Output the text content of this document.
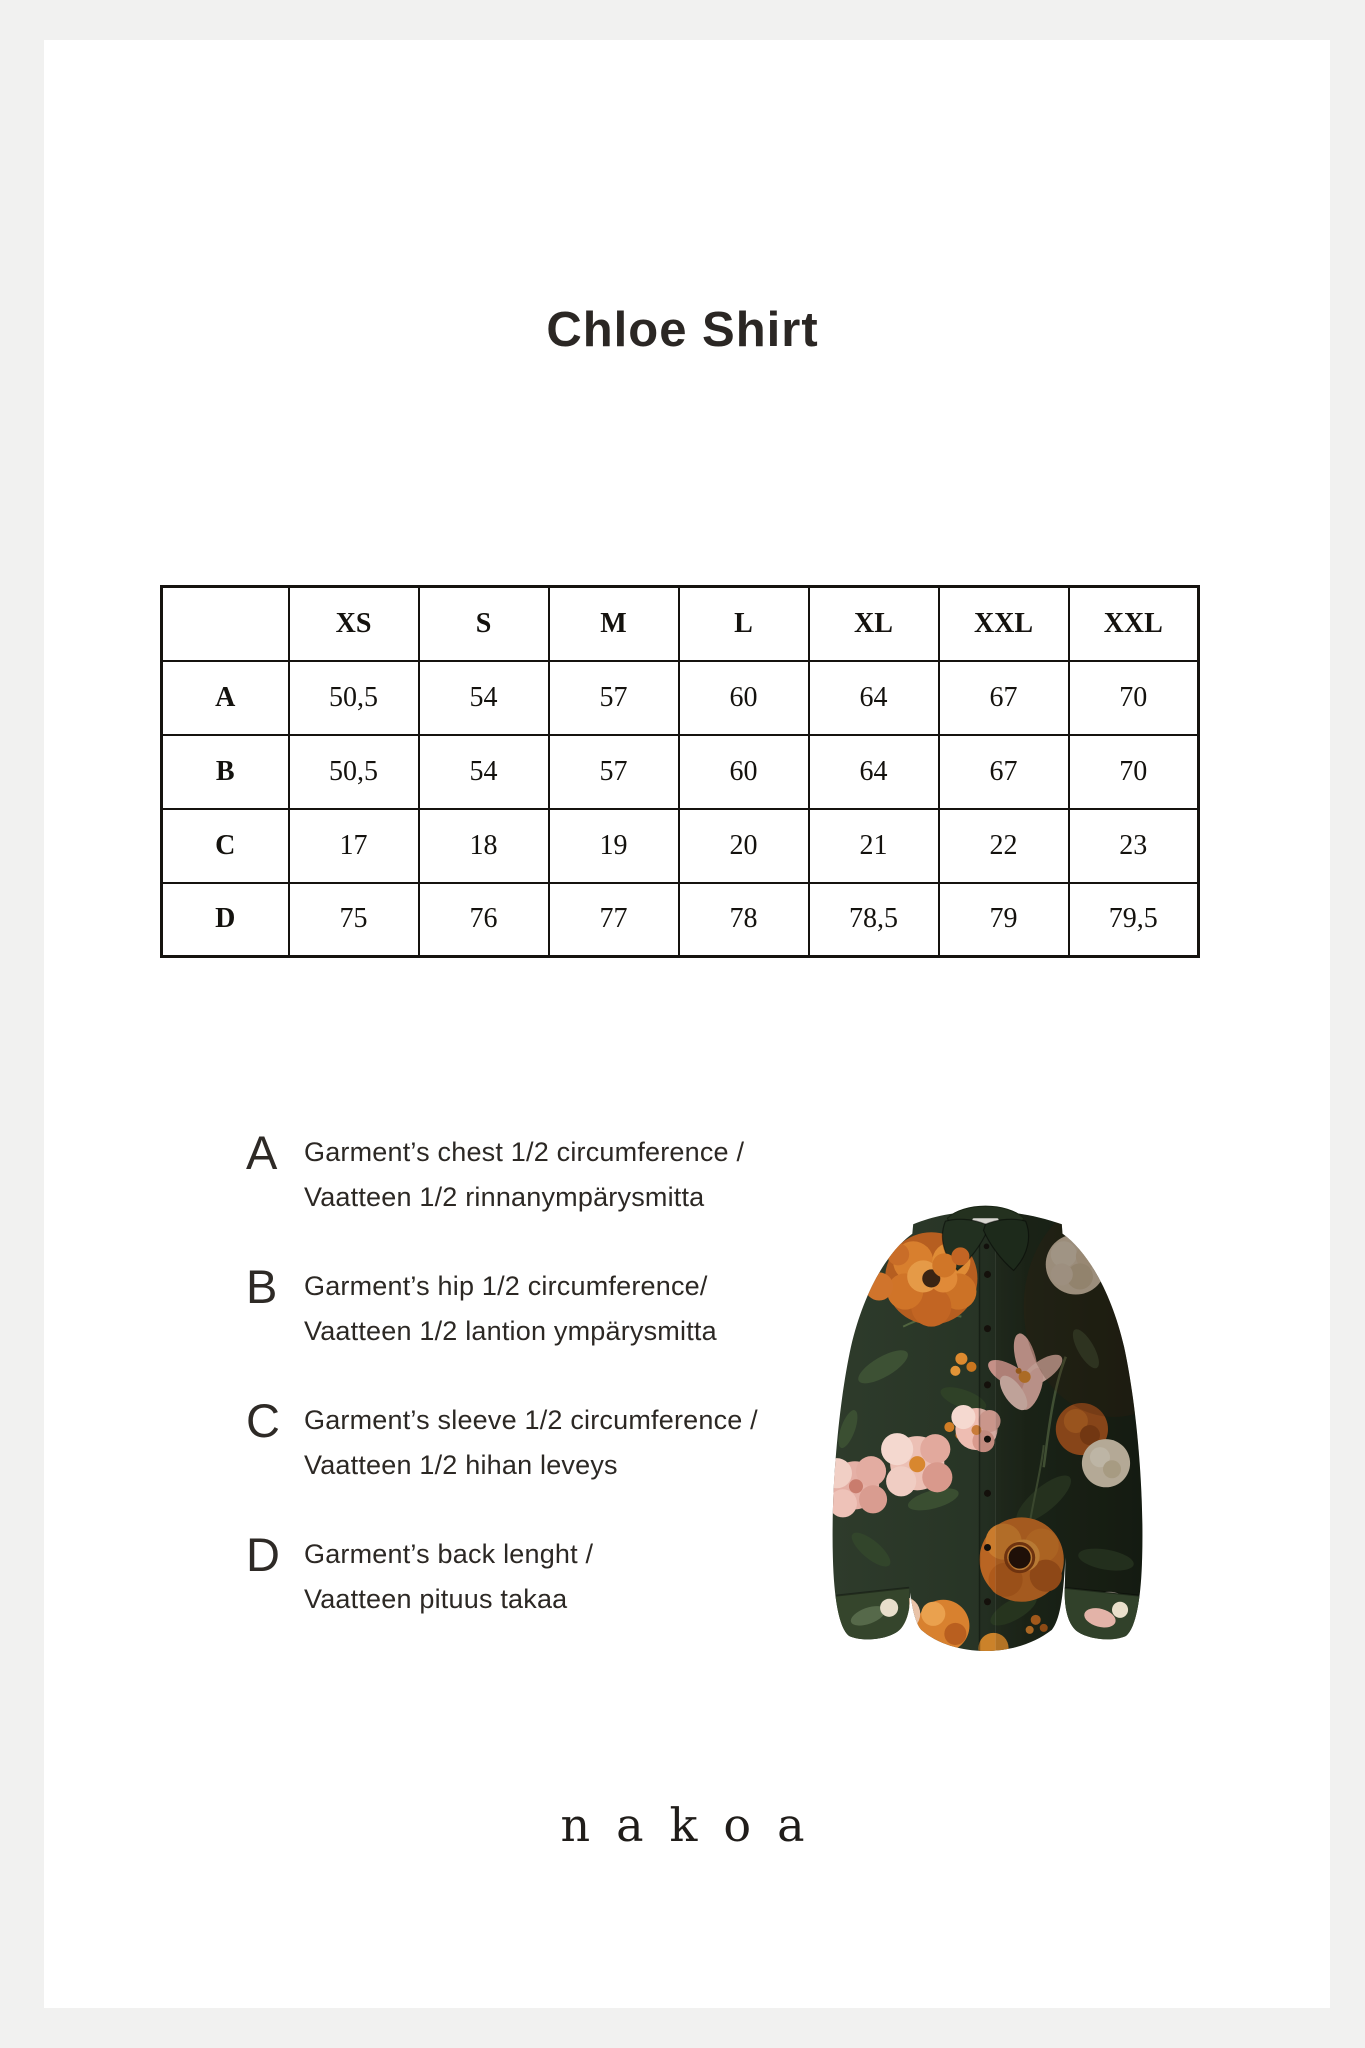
Chloe Shirt
	XS	S	M	L	XL	XXL	XXL
A	50,5	54	57	60	64	67	70
B	50,5	54	57	60	64	67	70
C	17	18	19	20	21	22	23
D	75	76	77	78	78,5	79	79,5
A Garment’s chest 1/2 circumference /
Vaatteen 1/2 rinnanympärysmitta
B Garment’s hip 1/2 circumference/
Vaatteen 1/2 lantion ympärysmitta
C Garment’s sleeve 1/2 circumference /
Vaatteen 1/2 hihan leveys
D Garment’s back lenght /
Vaatteen pituus takaa
nakoa
